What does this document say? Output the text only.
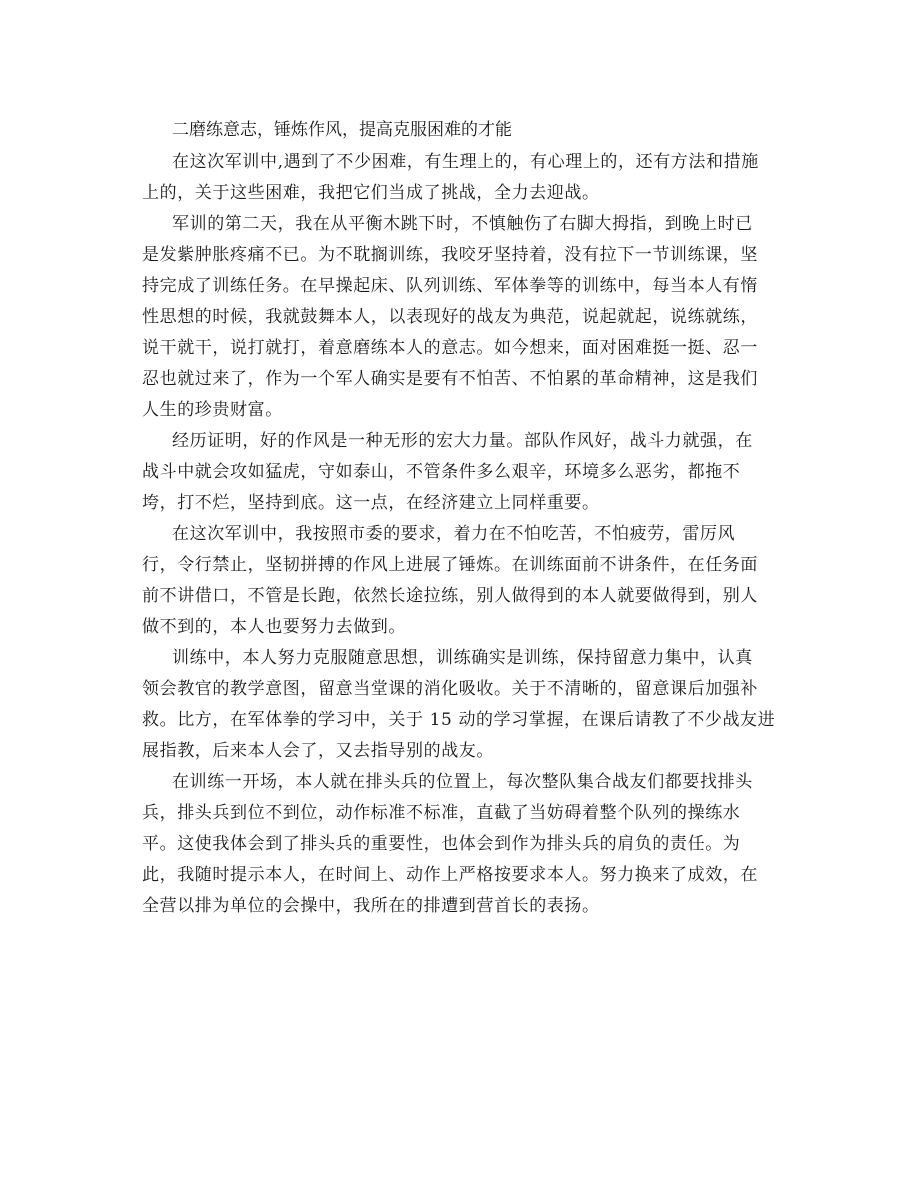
二磨练意志，锤炼作风，提高克服困难的才能
在这次军训中,遇到了不少困难，有生理上的，有心理上的，还有方法和措施
上的，关于这些困难，我把它们当成了挑战，全力去迎战。
军训的第二天，我在从平衡木跳下时，不慎触伤了右脚大拇指，到晚上时已
是发紫肿胀疼痛不已。为不耽搁训练，我咬牙坚持着，没有拉下一节训练课，坚
持完成了训练任务。在早操起床、队列训练、军体拳等的训练中，每当本人有惰
性思想的时候，我就鼓舞本人，以表现好的战友为典范，说起就起，说练就练，
说干就干，说打就打，着意磨练本人的意志。如今想来，面对困难挺一挺、忍一
忍也就过来了，作为一个军人确实是要有不怕苦、不怕累的革命精神，这是我们
人生的珍贵财富。
经历证明，好的作风是一种无形的宏大力量。部队作风好，战斗力就强，在
战斗中就会攻如猛虎，守如泰山，不管条件多么艰辛，环境多么恶劣，都拖不
垮，打不烂，坚持到底。这一点，在经济建立上同样重要。
在这次军训中，我按照市委的要求，着力在不怕吃苦，不怕疲劳，雷厉风
行，令行禁止，坚韧拼搏的作风上进展了锤炼。在训练面前不讲条件，在任务面
前不讲借口，不管是长跑，依然长途拉练，别人做得到的本人就要做得到，别人
做不到的，本人也要努力去做到。
训练中，本人努力克服随意思想，训练确实是训练，保持留意力集中，认真
领会教官的教学意图，留意当堂课的消化吸收。关于不清晰的，留意课后加强补
救。比方，在军体拳的学习中，关于 15 动的学习掌握，在课后请教了不少战友进
展指教，后来本人会了，又去指导别的战友。
在训练一开场，本人就在排头兵的位置上，每次整队集合战友们都要找排头
兵，排头兵到位不到位，动作标准不标准，直截了当妨碍着整个队列的操练水
平。这使我体会到了排头兵的重要性，也体会到作为排头兵的肩负的责任。为
此，我随时提示本人，在时间上、动作上严格按要求本人。努力换来了成效，在
全营以排为单位的会操中，我所在的排遭到营首长的表扬。
